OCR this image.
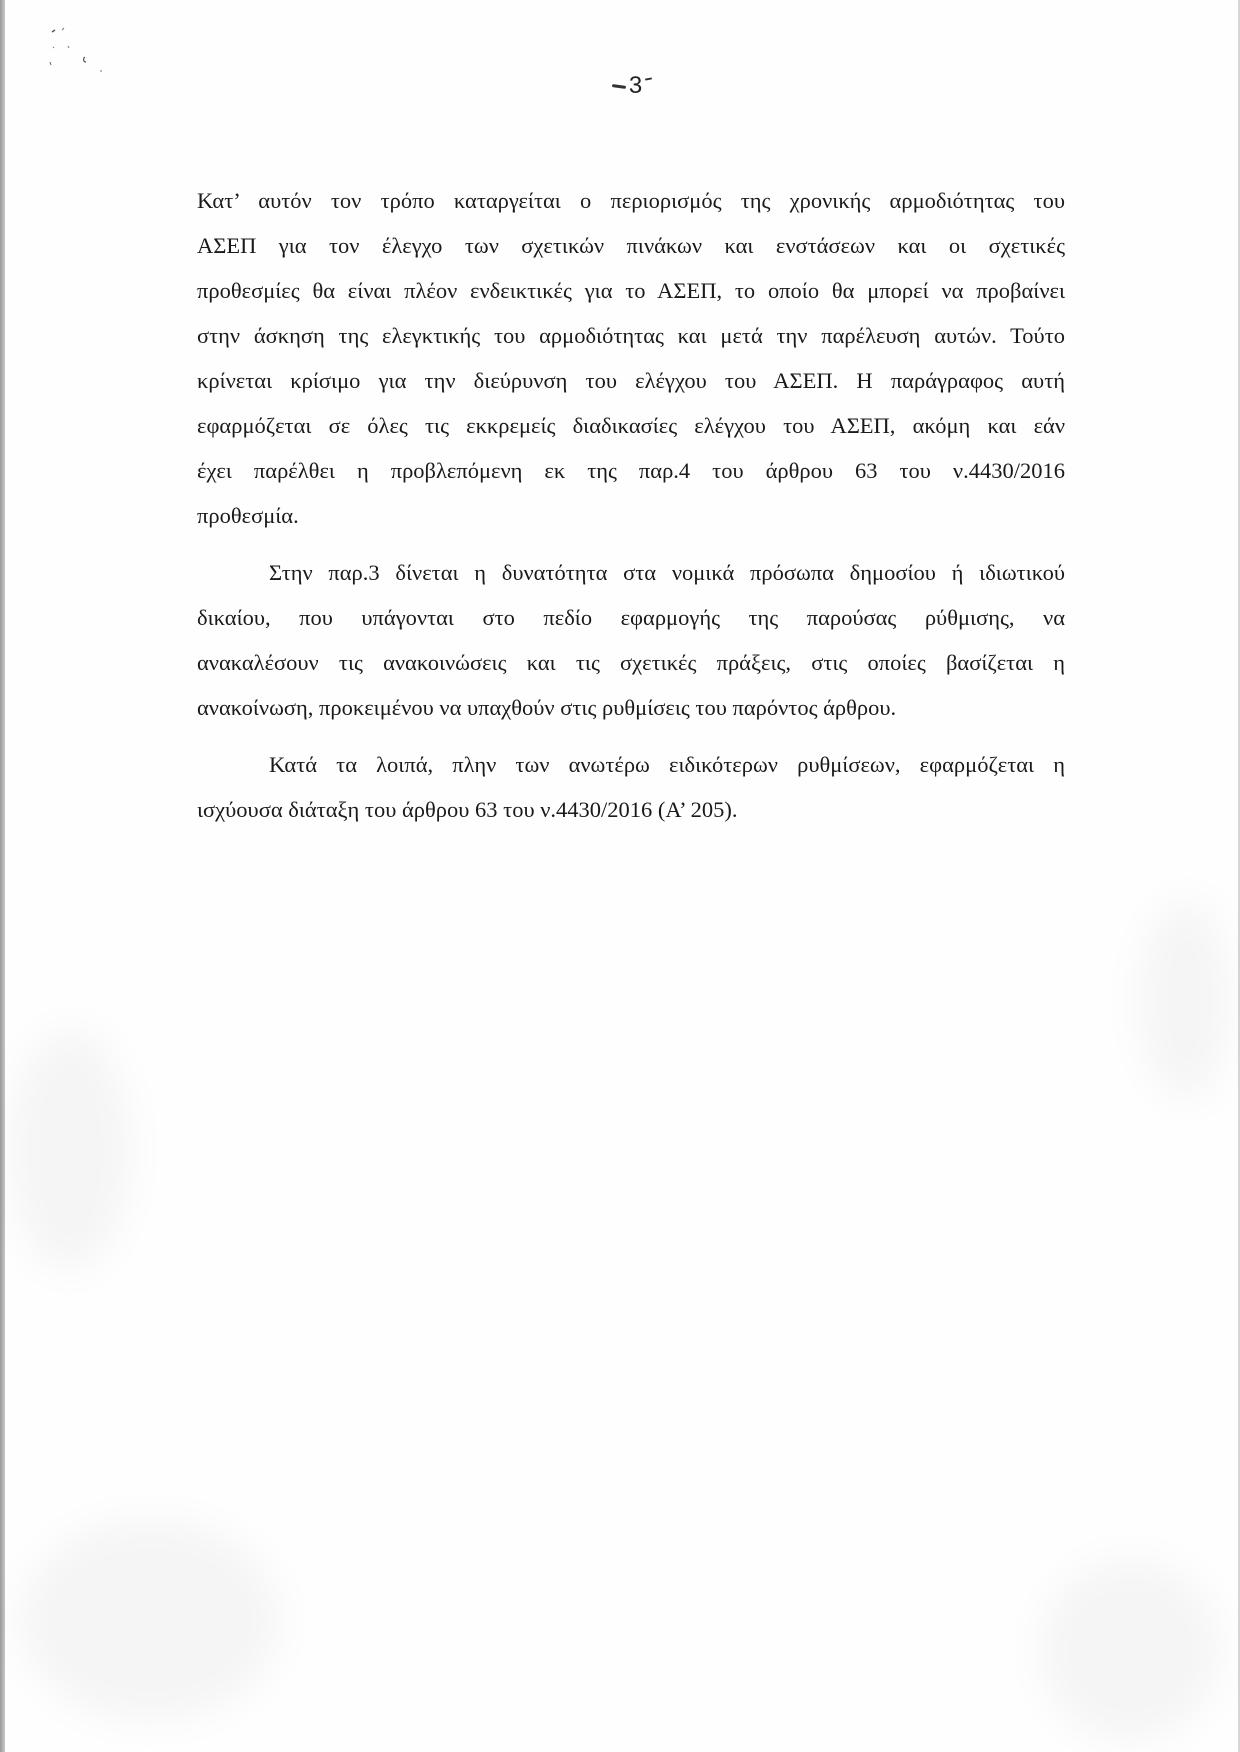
3
Κατ’ αυτόν τον τρόπο καταργείται ο περιορισμός της χρονικής αρμοδιότητας του
ΑΣΕΠ για τον έλεγχο των σχετικών πινάκων και ενστάσεων και οι σχετικές
προθεσμίες θα είναι πλέον ενδεικτικές για το ΑΣΕΠ, το οποίο θα μπορεί να προβαίνει
στην άσκηση της ελεγκτικής του αρμοδιότητας και μετά την παρέλευση αυτών. Τούτο
κρίνεται κρίσιμο για την διεύρυνση του ελέγχου του ΑΣΕΠ. Η παράγραφος αυτή
εφαρμόζεται σε όλες τις εκκρεμείς διαδικασίες ελέγχου του ΑΣΕΠ, ακόμη και εάν
έχει παρέλθει η προβλεπόμενη εκ της παρ.4 του άρθρου 63 του ν.4430/2016
προθεσμία.
Στην παρ.3 δίνεται η δυνατότητα στα νομικά πρόσωπα δημοσίου ή ιδιωτικού
δικαίου, που υπάγονται στο πεδίο εφαρμογής της παρούσας ρύθμισης, να
ανακαλέσουν τις ανακοινώσεις και τις σχετικές πράξεις, στις οποίες βασίζεται η
ανακοίνωση, προκειμένου να υπαχθούν στις ρυθμίσεις του παρόντος άρθρου.
Κατά τα λοιπά, πλην των ανωτέρω ειδικότερων ρυθμίσεων, εφαρμόζεται η
ισχύουσα διάταξη του άρθρου 63 του ν.4430/2016 (Α’ 205).
